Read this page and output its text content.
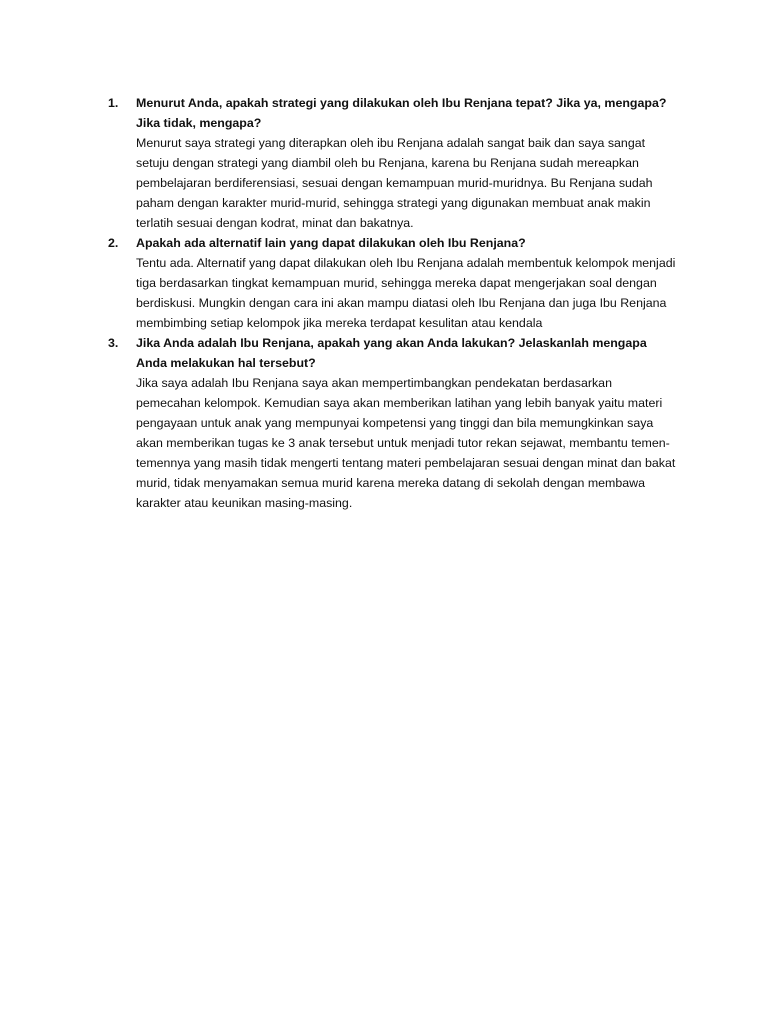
1.	Menurut Anda, apakah strategi yang dilakukan oleh Ibu Renjana tepat? Jika ya, mengapa? Jika tidak, mengapa?

Menurut saya strategi yang diterapkan oleh ibu Renjana adalah sangat baik dan saya sangat setuju dengan strategi yang diambil oleh bu Renjana, karena bu Renjana sudah mereapkan pembelajaran berdiferensiasi, sesuai dengan kemampuan murid-muridnya. Bu Renjana sudah paham dengan karakter murid-murid, sehingga strategi yang digunakan membuat anak makin terlatih sesuai dengan kodrat, minat dan bakatnya.

2.	Apakah ada alternatif lain yang dapat dilakukan oleh Ibu Renjana?

Tentu ada. Alternatif yang dapat dilakukan oleh Ibu Renjana adalah membentuk kelompok menjadi tiga berdasarkan tingkat kemampuan murid, sehingga mereka dapat mengerjakan soal dengan berdiskusi. Mungkin dengan cara ini akan mampu diatasi oleh Ibu Renjana dan juga Ibu Renjana membimbing setiap kelompok jika mereka terdapat kesulitan atau kendala

3.	Jika Anda adalah Ibu Renjana, apakah yang akan Anda lakukan? Jelaskanlah mengapa Anda melakukan hal tersebut?

Jika saya adalah Ibu Renjana saya akan mempertimbangkan pendekatan berdasarkan pemecahan kelompok. Kemudian saya akan memberikan latihan yang lebih banyak yaitu materi pengayaan untuk anak yang mempunyai kompetensi yang tinggi dan bila memungkinkan saya akan memberikan tugas ke 3 anak tersebut untuk menjadi tutor rekan sejawat, membantu temen-temennya yang masih tidak mengerti tentang materi pembelajaran sesuai dengan minat dan bakat murid, tidak menyamakan semua murid karena mereka datang di sekolah dengan membawa karakter atau keunikan masing-masing.
